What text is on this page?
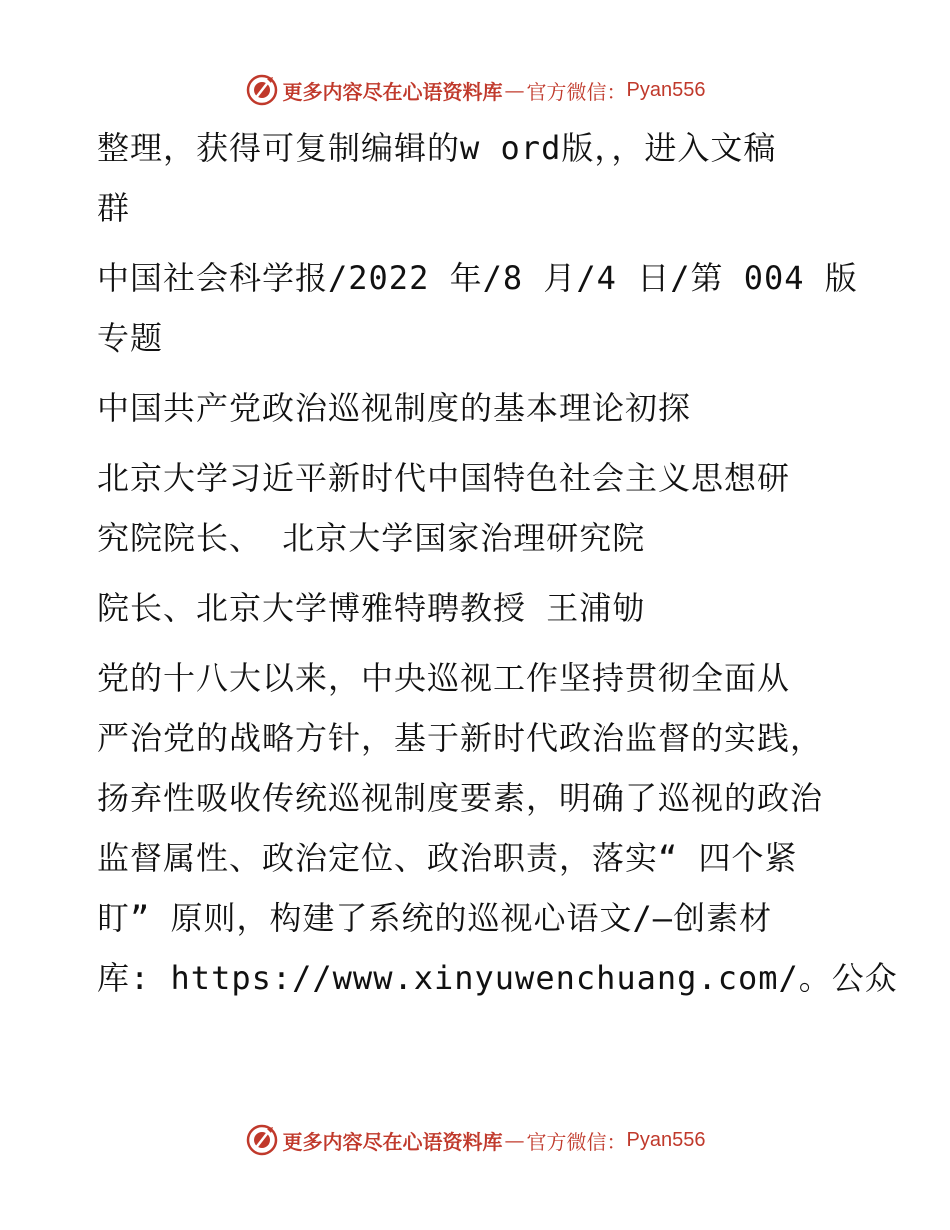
更多内容尽在心语资料库 — 官方微信： Pyan556

整理，获得可复制编辑的w ord版，，进入文稿
群

中国社会科学报/2022 年/8 月/4 日/第 004 版
专题

中国共产党政治巡视制度的基本理论初探

北京大学习近平新时代中国特色社会主义思想研
究院院长、 北京大学国家治理研究院

院长、北京大学博雅特聘教授 王浦劬

党的十八大以来，中央巡视工作坚持贯彻全面从
严治党的战略方针，基于新时代政治监督的实践，
扬弃性吸收传统巡视制度要素，明确了巡视的政治
监督属性、政治定位、政治职责，落实“ 四个紧
盯” 原则，构建了系统的巡视心语文/—创素材
库: https://www.xinyuwenchuang.com/。公众

更多内容尽在心语资料库 — 官方微信： Pyan556
